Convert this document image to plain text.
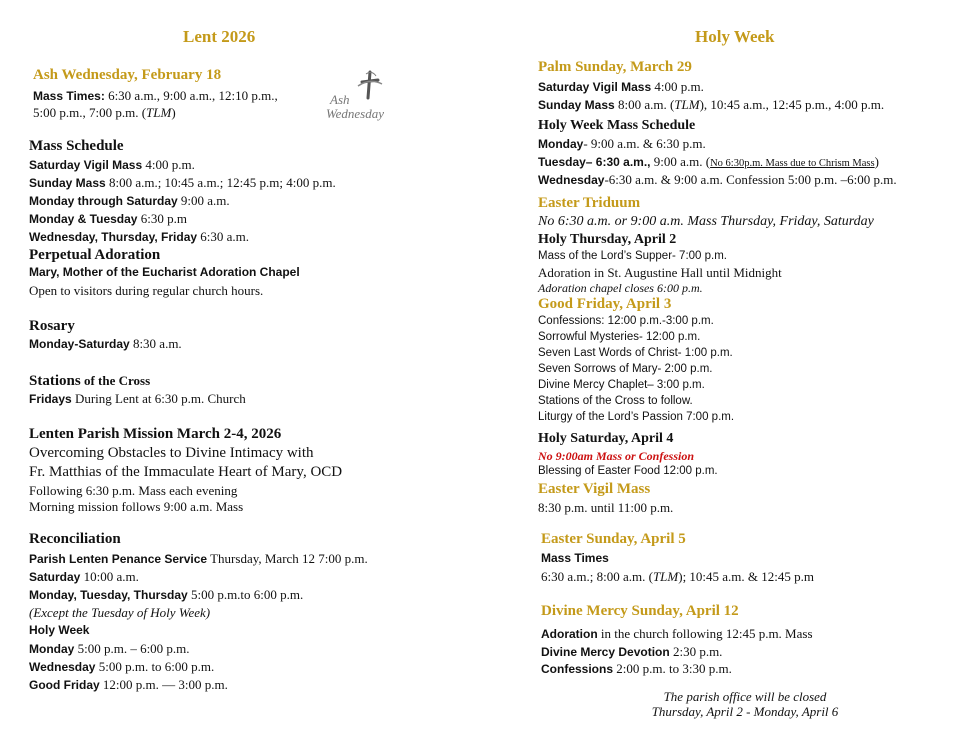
Lent 2026
Ash Wednesday, February 18
Mass Times: 6:30 a.m., 9:00 a.m., 12:10 p.m.,
5:00 p.m., 7:00 p.m. (TLM)
Ash
Wednesday
Mass Schedule
Saturday Vigil Mass 4:00 p.m.
Sunday Mass 8:00 a.m.; 10:45 a.m.; 12:45 p.m; 4:00 p.m.
Monday through Saturday 9:00 a.m.
Monday & Tuesday 6:30 p.m
Wednesday, Thursday, Friday 6:30 a.m.
Perpetual Adoration
Mary, Mother of the Eucharist Adoration Chapel
Open to visitors during regular church hours.
Rosary
Monday-Saturday 8:30 a.m.
Stations of the Cross
Fridays During Lent at 6:30 p.m. Church
Lenten Parish Mission March 2-4, 2026
Overcoming Obstacles to Divine Intimacy with
Fr. Matthias of the Immaculate Heart of Mary, OCD
Following 6:30 p.m. Mass each evening
Morning mission follows 9:00 a.m. Mass
Reconciliation
Parish Lenten Penance Service Thursday, March 12 7:00 p.m.
Saturday 10:00 a.m.
Monday, Tuesday, Thursday 5:00 p.m.to 6:00 p.m.
(Except the Tuesday of Holy Week)
Holy Week
Monday 5:00 p.m. – 6:00 p.m.
Wednesday 5:00 p.m. to 6:00 p.m.
Good Friday 12:00 p.m. — 3:00 p.m.
Holy Week
Palm Sunday, March 29
Saturday Vigil Mass 4:00 p.m.
Sunday Mass 8:00 a.m. (TLM), 10:45 a.m., 12:45 p.m., 4:00 p.m.
Holy Week Mass Schedule
Monday- 9:00 a.m. & 6:30 p.m.
Tuesday– 6:30 a.m., 9:00 a.m. (No 6:30p.m. Mass due to Chrism Mass)
Wednesday-6:30 a.m. & 9:00 a.m. Confession 5:00 p.m. –6:00 p.m.
Easter Triduum
No 6:30 a.m. or 9:00 a.m. Mass Thursday, Friday, Saturday
Holy Thursday, April 2
Mass of the Lord’s Supper- 7:00 p.m.
Adoration in St. Augustine Hall until Midnight
Adoration chapel closes 6:00 p.m.
Good Friday, April 3
Confessions: 12:00 p.m.-3:00 p.m.
Sorrowful Mysteries- 12:00 p.m.
Seven Last Words of Christ- 1:00 p.m.
Seven Sorrows of Mary- 2:00 p.m.
Divine Mercy Chaplet– 3:00 p.m.
Stations of the Cross to follow.
Liturgy of the Lord’s Passion 7:00 p.m.
Holy Saturday, April 4
No 9:00am Mass or Confession
Blessing of Easter Food 12:00 p.m.
Easter Vigil Mass
8:30 p.m. until 11:00 p.m.
Easter Sunday, April 5
Mass Times
6:30 a.m.; 8:00 a.m. (TLM); 10:45 a.m. & 12:45 p.m
Divine Mercy Sunday, April 12
Adoration in the church following 12:45 p.m. Mass
Divine Mercy Devotion 2:30 p.m.
Confessions 2:00 p.m. to 3:30 p.m.
The parish office will be closed
Thursday, April 2 - Monday, April 6
